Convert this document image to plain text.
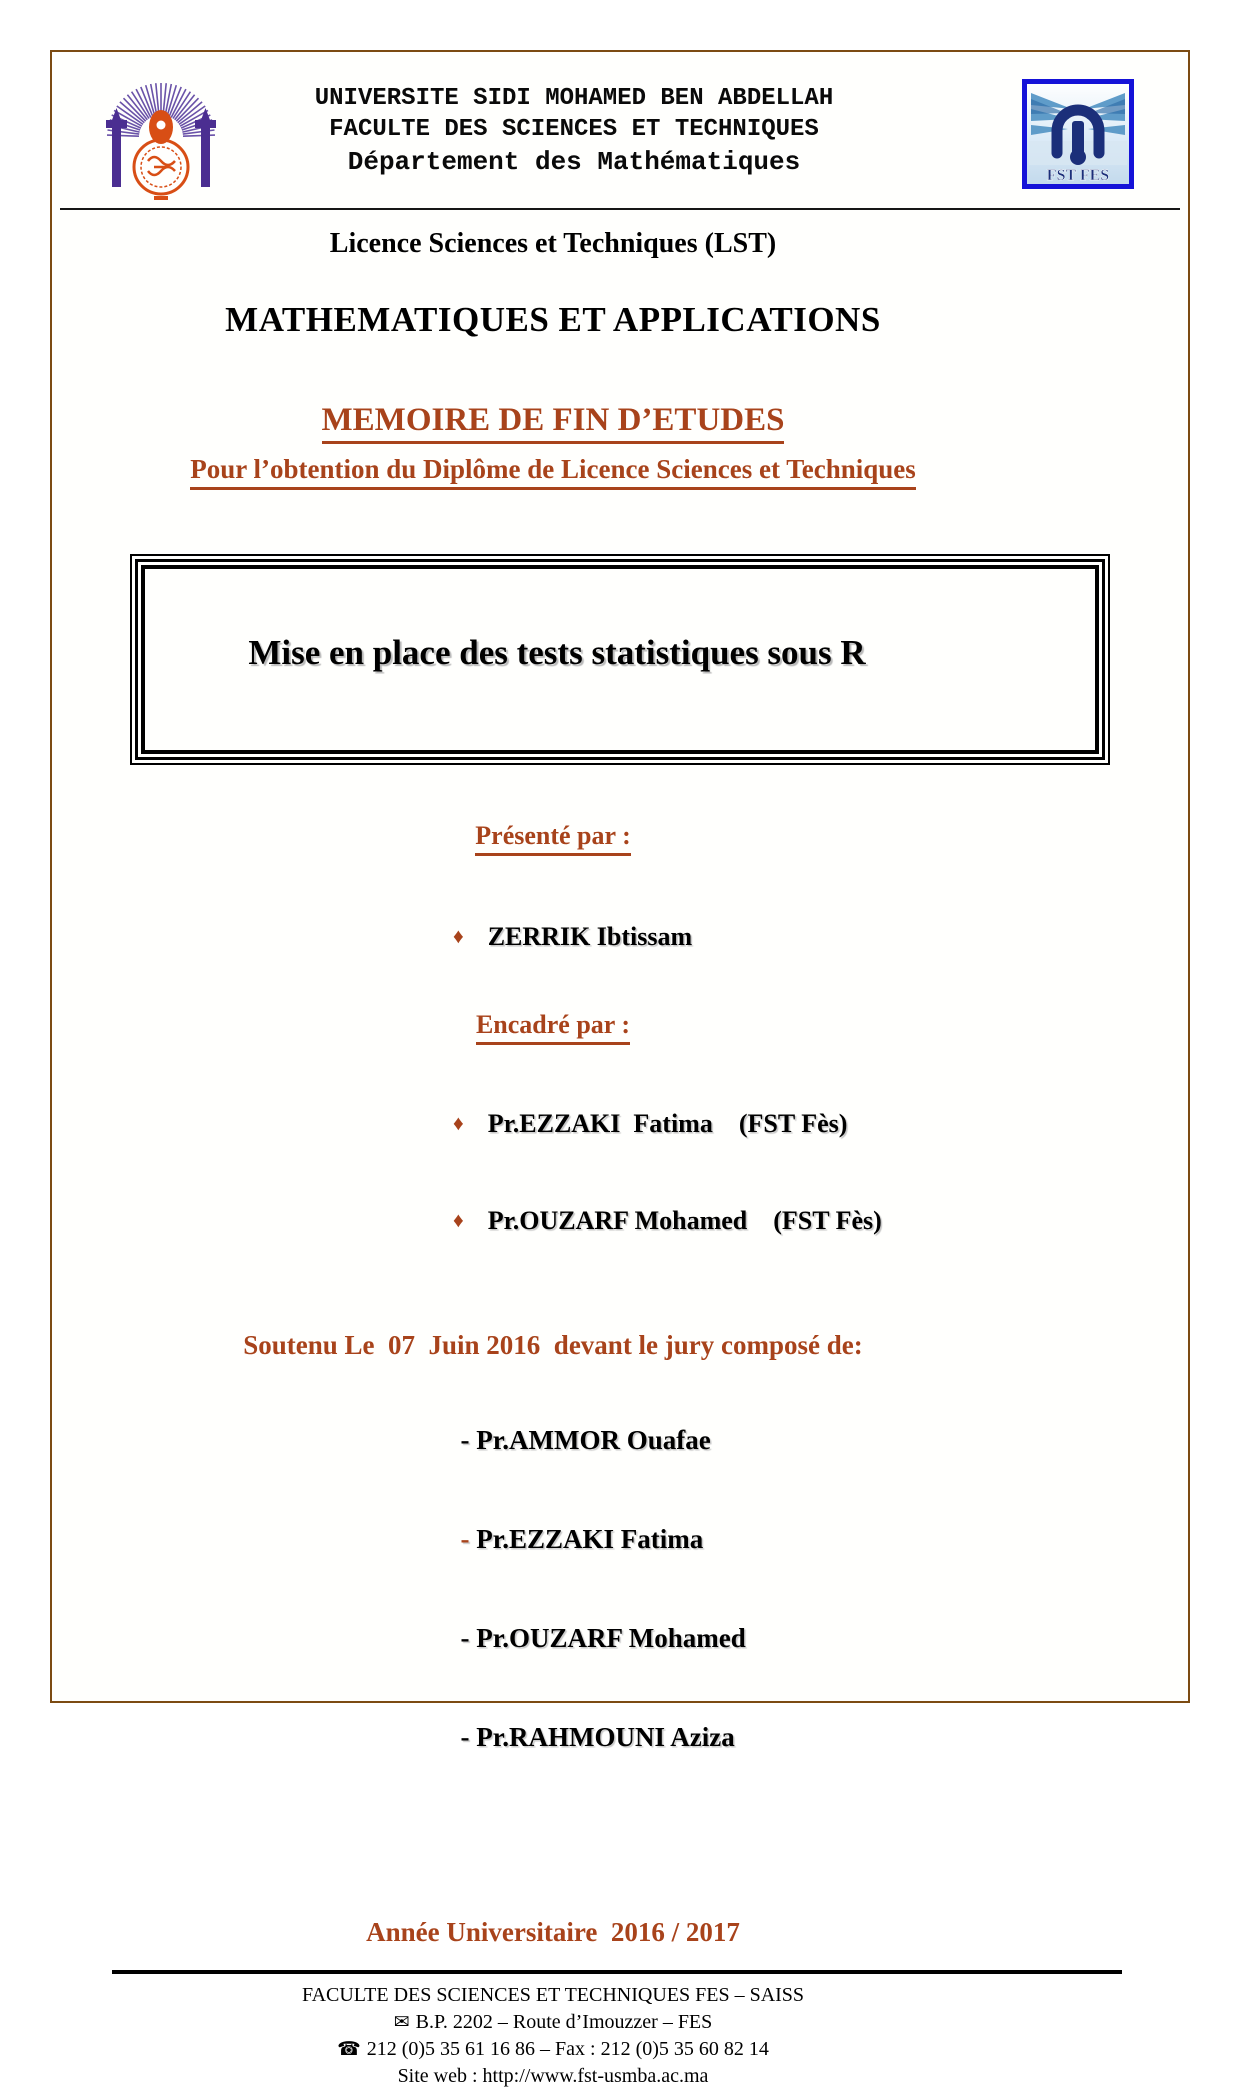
UNIVERSITE SIDI MOHAMED BEN ABDELLAH
FACULTE DES SCIENCES ET TECHNIQUES
Département des Mathématiques	FST FES
Licence Sciences et Techniques (LST)
MATHEMATIQUES ET APPLICATIONS
MEMOIRE DE FIN D’ETUDES
Pour l’obtention du Diplôme de Licence Sciences et Techniques
Mise en place des tests statistiques sous R
Présenté par :

♦ ZERRIK Ibtissam

Encadré par :

♦ Pr.EZZAKI  Fatima    (FST Fès)

♦ Pr.OUZARF Mohamed    (FST Fès)

Soutenu Le  07  Juin 2016  devant le jury composé de:

- Pr.AMMOR Ouafae

- Pr.EZZAKI Fatima

- Pr.OUZARF Mohamed

- Pr.RAHMOUNI Aziza

Année Universitaire  2016 / 2017
FACULTE DES SCIENCES ET TECHNIQUES FES – SAISS
✉ B.P. 2202 – Route d’Imouzzer – FES
☎ 212 (0)5 35 61 16 86 – Fax : 212 (0)5 35 60 82 14
Site web : http://www.fst-usmba.ac.ma
